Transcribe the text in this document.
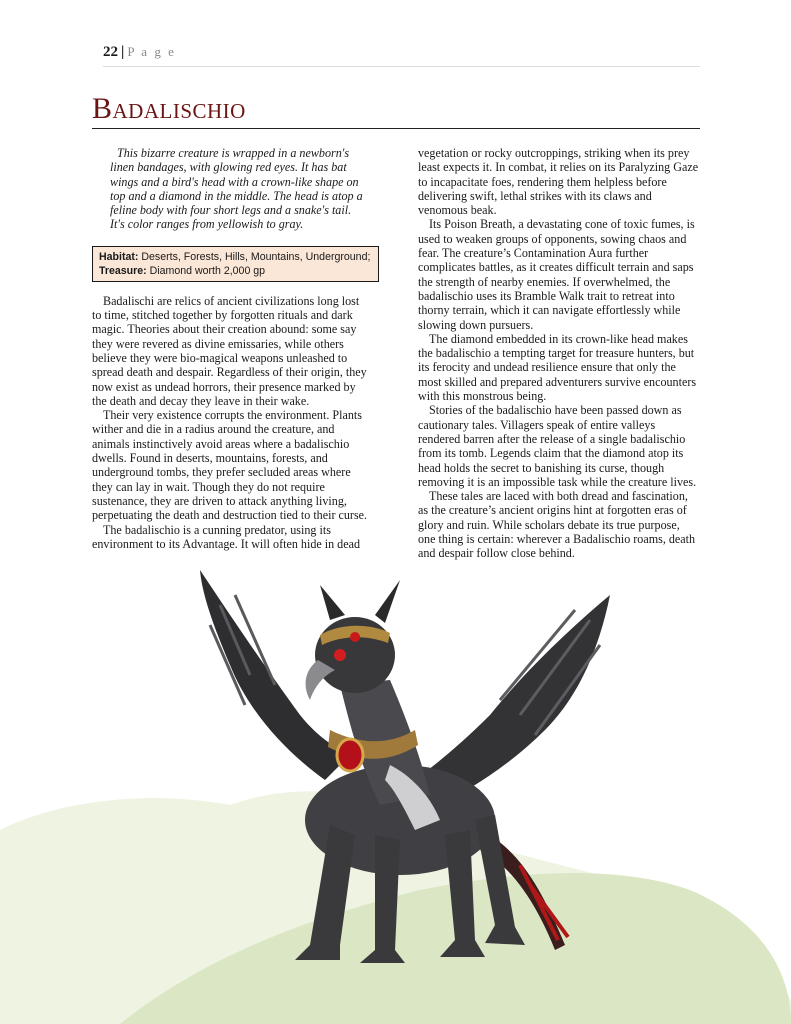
22 | P a g e
Badalischio

This bizarre creature is wrapped in a newborn's linen bandages, with glowing red eyes. It has bat wings and a bird's head with a crown-like shape on top and a diamond in the middle. The head is atop a feline body with four short legs and a snake's tail. It's color ranges from yellowish to gray.

Habitat: Deserts, Forests, Hills, Mountains, Underground;
Treasure: Diamond worth 2,000 gp

Badalischi are relics of ancient civilizations long lost to time, stitched together by forgotten rituals and dark magic. Theories about their creation abound: some say they were revered as divine emissaries, while others believe they were bio-magical weapons unleashed to spread death and despair. Regardless of their origin, they now exist as undead horrors, their presence marked by the death and decay they leave in their wake.

Their very existence corrupts the environment. Plants wither and die in a radius around the creature, and animals instinctively avoid areas where a badalischio dwells. Found in deserts, mountains, forests, and underground tombs, they prefer secluded areas where they can lay in wait. Though they do not require sustenance, they are driven to attack anything living, perpetuating the death and destruction tied to their curse.

The badalischio is a cunning predator, using its environment to its Advantage. It will often hide in dead

vegetation or rocky outcroppings, striking when its prey least expects it. In combat, it relies on its Paralyzing Gaze to incapacitate foes, rendering them helpless before delivering swift, lethal strikes with its claws and venomous beak.

Its Poison Breath, a devastating cone of toxic fumes, is used to weaken groups of opponents, sowing chaos and fear. The creature’s Contamination Aura further complicates battles, as it creates difficult terrain and saps the strength of nearby enemies. If overwhelmed, the badalischio uses its Bramble Walk trait to retreat into thorny terrain, which it can navigate effortlessly while slowing down pursuers.

The diamond embedded in its crown-like head makes the badalischio a tempting target for treasure hunters, but its ferocity and undead resilience ensure that only the most skilled and prepared adventurers survive encounters with this monstrous being.

Stories of the badalischio have been passed down as cautionary tales. Villagers speak of entire valleys rendered barren after the release of a single badalischio from its tomb. Legends claim that the diamond atop its head holds the secret to banishing its curse, though removing it is an impossible task while the creature lives.

These tales are laced with both dread and fascination, as the creature’s ancient origins hint at forgotten eras of glory and ruin. While scholars debate its true purpose, one thing is certain: wherever a Badalischio roams, death and despair follow close behind.
